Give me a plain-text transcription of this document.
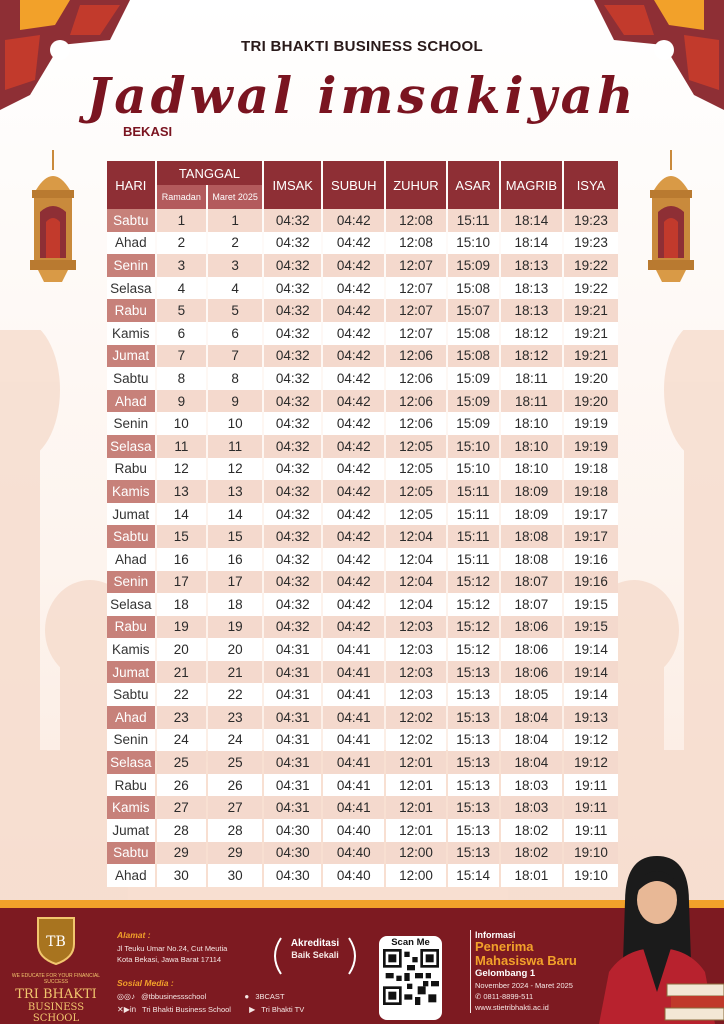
TRI BHAKTI BUSINESS SCHOOL
Jadwal imsakiyah
BEKASI
HARI	TANGGAL		IMSAK	SUBUH	ZUHUR	ASAR	MAGRIB	ISYA
	Ramadan	Maret 2025						
Sabtu	1	1	04:32	04:42	12:08	15:11	18:14	19:23
Ahad	2	2	04:32	04:42	12:08	15:10	18:14	19:23
Senin	3	3	04:32	04:42	12:07	15:09	18:13	19:22
Selasa	4	4	04:32	04:42	12:07	15:08	18:13	19:22
Rabu	5	5	04:32	04:42	12:07	15:07	18:13	19:21
Kamis	6	6	04:32	04:42	12:07	15:08	18:12	19:21
Jumat	7	7	04:32	04:42	12:06	15:08	18:12	19:21
Sabtu	8	8	04:32	04:42	12:06	15:09	18:11	19:20
Ahad	9	9	04:32	04:42	12:06	15:09	18:11	19:20
Senin	10	10	04:32	04:42	12:06	15:09	18:10	19:19
Selasa	11	11	04:32	04:42	12:05	15:10	18:10	19:19
Rabu	12	12	04:32	04:42	12:05	15:10	18:10	19:18
Kamis	13	13	04:32	04:42	12:05	15:11	18:09	19:18
Jumat	14	14	04:32	04:42	12:05	15:11	18:09	19:17
Sabtu	15	15	04:32	04:42	12:04	15:11	18:08	19:17
Ahad	16	16	04:32	04:42	12:04	15:11	18:08	19:16
Senin	17	17	04:32	04:42	12:04	15:12	18:07	19:16
Selasa	18	18	04:32	04:42	12:04	15:12	18:07	19:15
Rabu	19	19	04:32	04:42	12:03	15:12	18:06	19:15
Kamis	20	20	04:31	04:41	12:03	15:12	18:06	19:14
Jumat	21	21	04:31	04:41	12:03	15:13	18:06	19:14
Sabtu	22	22	04:31	04:41	12:03	15:13	18:05	19:14
Ahad	23	23	04:31	04:41	12:02	15:13	18:04	19:13
Senin	24	24	04:31	04:41	12:02	15:13	18:04	19:12
Selasa	25	25	04:31	04:41	12:01	15:13	18:04	19:12
Rabu	26	26	04:31	04:41	12:01	15:13	18:03	19:11
Kamis	27	27	04:31	04:41	12:01	15:13	18:03	19:11
Jumat	28	28	04:30	04:40	12:01	15:13	18:02	19:11
Sabtu	29	29	04:30	04:40	12:00	15:13	18:02	19:10
Ahad	30	30	04:30	04:40	12:00	15:14	18:01	19:10
TB
WE EDUCATE FOR YOUR FINANCIAL SUCCESS
TRI BHAKTI
BUSINESS SCHOOL
Alamat :
Jl Teuku Umar No.24, Cut Meutia
Kota Bekasi, Jawa Barat 17114
Sosial Media :
◎◎♪ @tbbusinessschool	● 3BCAST
✕▶in Tri Bhakti Business School ▶ Tri Bhakti TV
Akreditasi
Baik Sekali
Scan Me
Informasi
Penerima
Mahasiswa Baru
Gelombang 1
November 2024 - Maret 2025
✆ 0811-8899-511
www.stietribhakti.ac.id
